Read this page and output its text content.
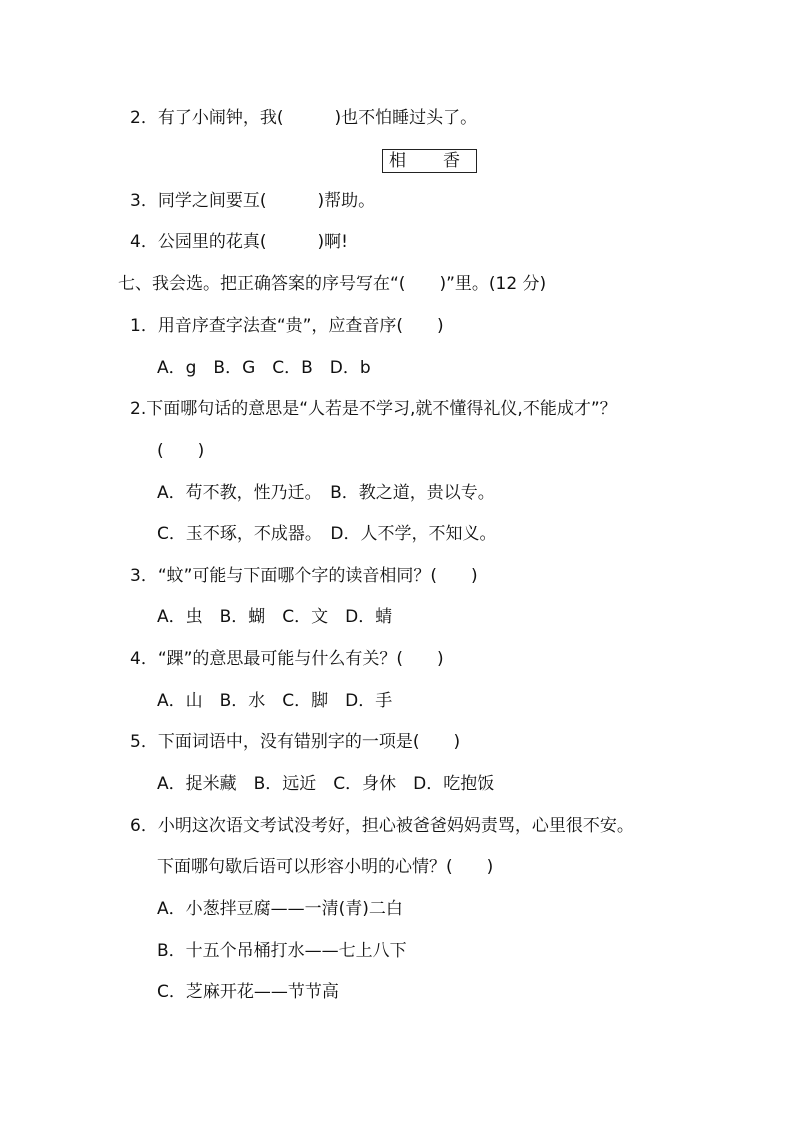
2．有了小闹钟，我(　　　)也不怕睡过头了。
相　香
3．同学之间要互(　　　)帮助。
4．公园里的花真(　　　)啊!
七、我会选。把正确答案的序号写在“(　　)”里。(12 分)
1．用音序查字法查“贵”，应查音序(　　)
A．g　B．G　C．B　D．b
2.下面哪句话的意思是“人若是不学习,就不懂得礼仪,不能成才”？
(　　)
A．苟不教，性乃迁。　B．教之道，贵以专。
C．玉不琢，不成器。　D．人不学，不知义。
3．“蚊”可能与下面哪个字的读音相同？(　　)
A．虫　B．蝴　C．文　D．蜻
4．“踝”的意思最可能与什么有关？(　　)
A．山　B．水　C．脚　D．手
5．下面词语中，没有错别字的一项是(　　)
A．捉米藏　B．远近　C．身休　D．吃抱饭
6．小明这次语文考试没考好，担心被爸爸妈妈责骂，心里很不安。
下面哪句歇后语可以形容小明的心情？(　　)
A．小葱拌豆腐——一清(青)二白
B．十五个吊桶打水——七上八下
C．芝麻开花——节节高
